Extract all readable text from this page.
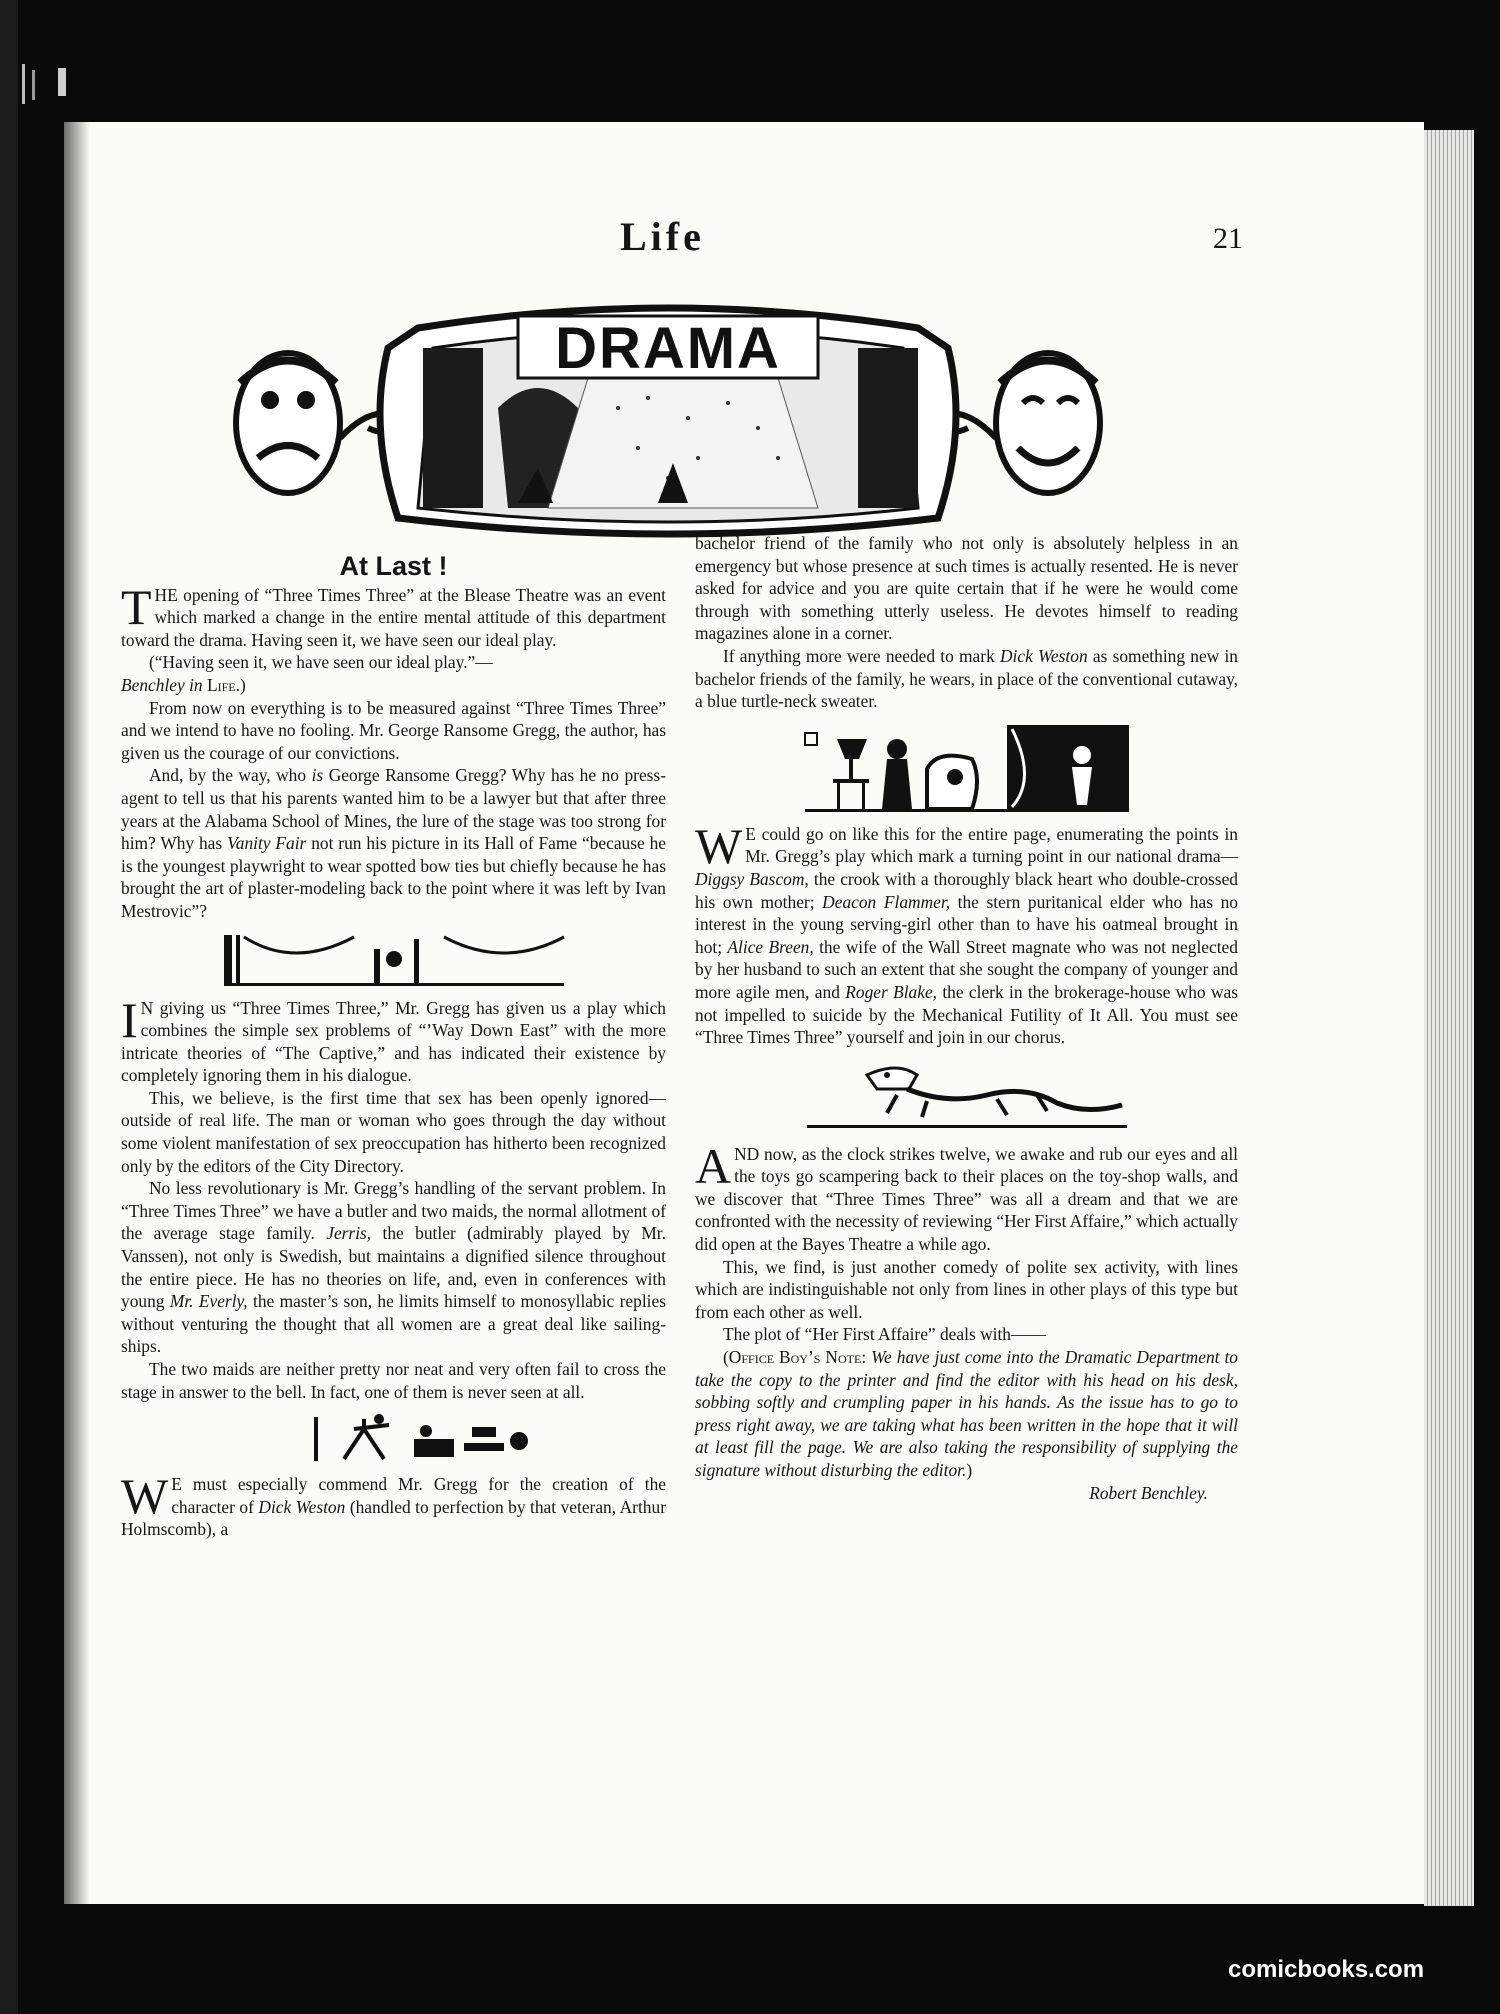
Life	21
DRAMA
At Last !

THE opening of “Three Times Three” at the Blease Theatre was an event which marked a change in the entire mental attitude of this department toward the drama. Having seen it, we have seen our ideal play.

(“Having seen it, we have seen our ideal play.”—
Benchley in Life.)

From now on everything is to be measured against “Three Times Three” and we intend to have no fooling. Mr. George Ransome Gregg, the author, has given us the courage of our convictions.

And, by the way, who is George Ransome Gregg? Why has he no press-agent to tell us that his parents wanted him to be a lawyer but that after three years at the Alabama School of Mines, the lure of the stage was too strong for him? Why has Vanity Fair not run his picture in its Hall of Fame “because he is the youngest playwright to wear spotted bow ties but chiefly because he has brought the art of plaster-modeling back to the point where it was left by Ivan Mestrovic”?

I N giving us “Three Times Three,” Mr. Gregg has given us a play which combines the simple sex problems of “’Way Down East” with the more intricate theories of “The Captive,” and has indicated their existence by completely ignoring them in his dialogue.

This, we believe, is the first time that sex has been openly ignored—outside of real life. The man or woman who goes through the day without some violent manifestation of sex preoccupation has hitherto been recognized only by the editors of the City Directory.

No less revolutionary is Mr. Gregg’s handling of the servant problem. In “Three Times Three” we have a butler and two maids, the normal allotment of the average stage family. Jerris, the butler (admirably played by Mr. Vanssen), not only is Swedish, but maintains a dignified silence throughout the entire piece. He has no theories on life, and, even in conferences with young Mr. Everly, the master’s son, he limits himself to monosyllabic replies without venturing the thought that all women are a great deal like sailing-ships.

The two maids are neither pretty nor neat and very often fail to cross the stage in answer to the bell. In fact, one of them is never seen at all.

W E must especially commend Mr. Gregg for the creation of the character of Dick Weston (handled to perfection by that veteran, Arthur Holmscomb), a

bachelor friend of the family who not only is absolutely helpless in an emergency but whose presence at such times is actually resented. He is never asked for advice and you are quite certain that if he were he would come through with something utterly useless. He devotes himself to reading magazines alone in a corner.

If anything more were needed to mark Dick Weston as something new in bachelor friends of the family, he wears, in place of the conventional cutaway, a blue turtle-neck sweater.

W E could go on like this for the entire page, enumerating the points in Mr. Gregg’s play which mark a turning point in our national drama—Diggsy Bascom, the crook with a thoroughly black heart who double-crossed his own mother; Deacon Flammer, the stern puritanical elder who has no interest in the young serving-girl other than to have his oatmeal brought in hot; Alice Breen, the wife of the Wall Street magnate who was not neglected by her husband to such an extent that she sought the company of younger and more agile men, and Roger Blake, the clerk in the brokerage-house who was not impelled to suicide by the Mechanical Futility of It All. You must see “Three Times Three” yourself and join in our chorus.

AND now, as the clock strikes twelve, we awake and rub our eyes and all the toys go scampering back to their places on the toy-shop walls, and we discover that “Three Times Three” was all a dream and that we are confronted with the necessity of reviewing “Her First Affaire,” which actually did open at the Bayes Theatre a while ago.

This, we find, is just another comedy of polite sex activity, with lines which are indistinguishable not only from lines in other plays of this type but from each other as well.

The plot of “Her First Affaire” deals with——

(Office Boy’s Note: We have just come into the Dramatic Department to take the copy to the printer and find the editor with his head on his desk, sobbing softly and crumpling paper in his hands. As the issue has to go to press right away, we are taking what has been written in the hope that it will at least fill the page. We are also taking the responsibility of supplying the signature without disturbing the editor.)

Robert Benchley.

comicbooks.com
